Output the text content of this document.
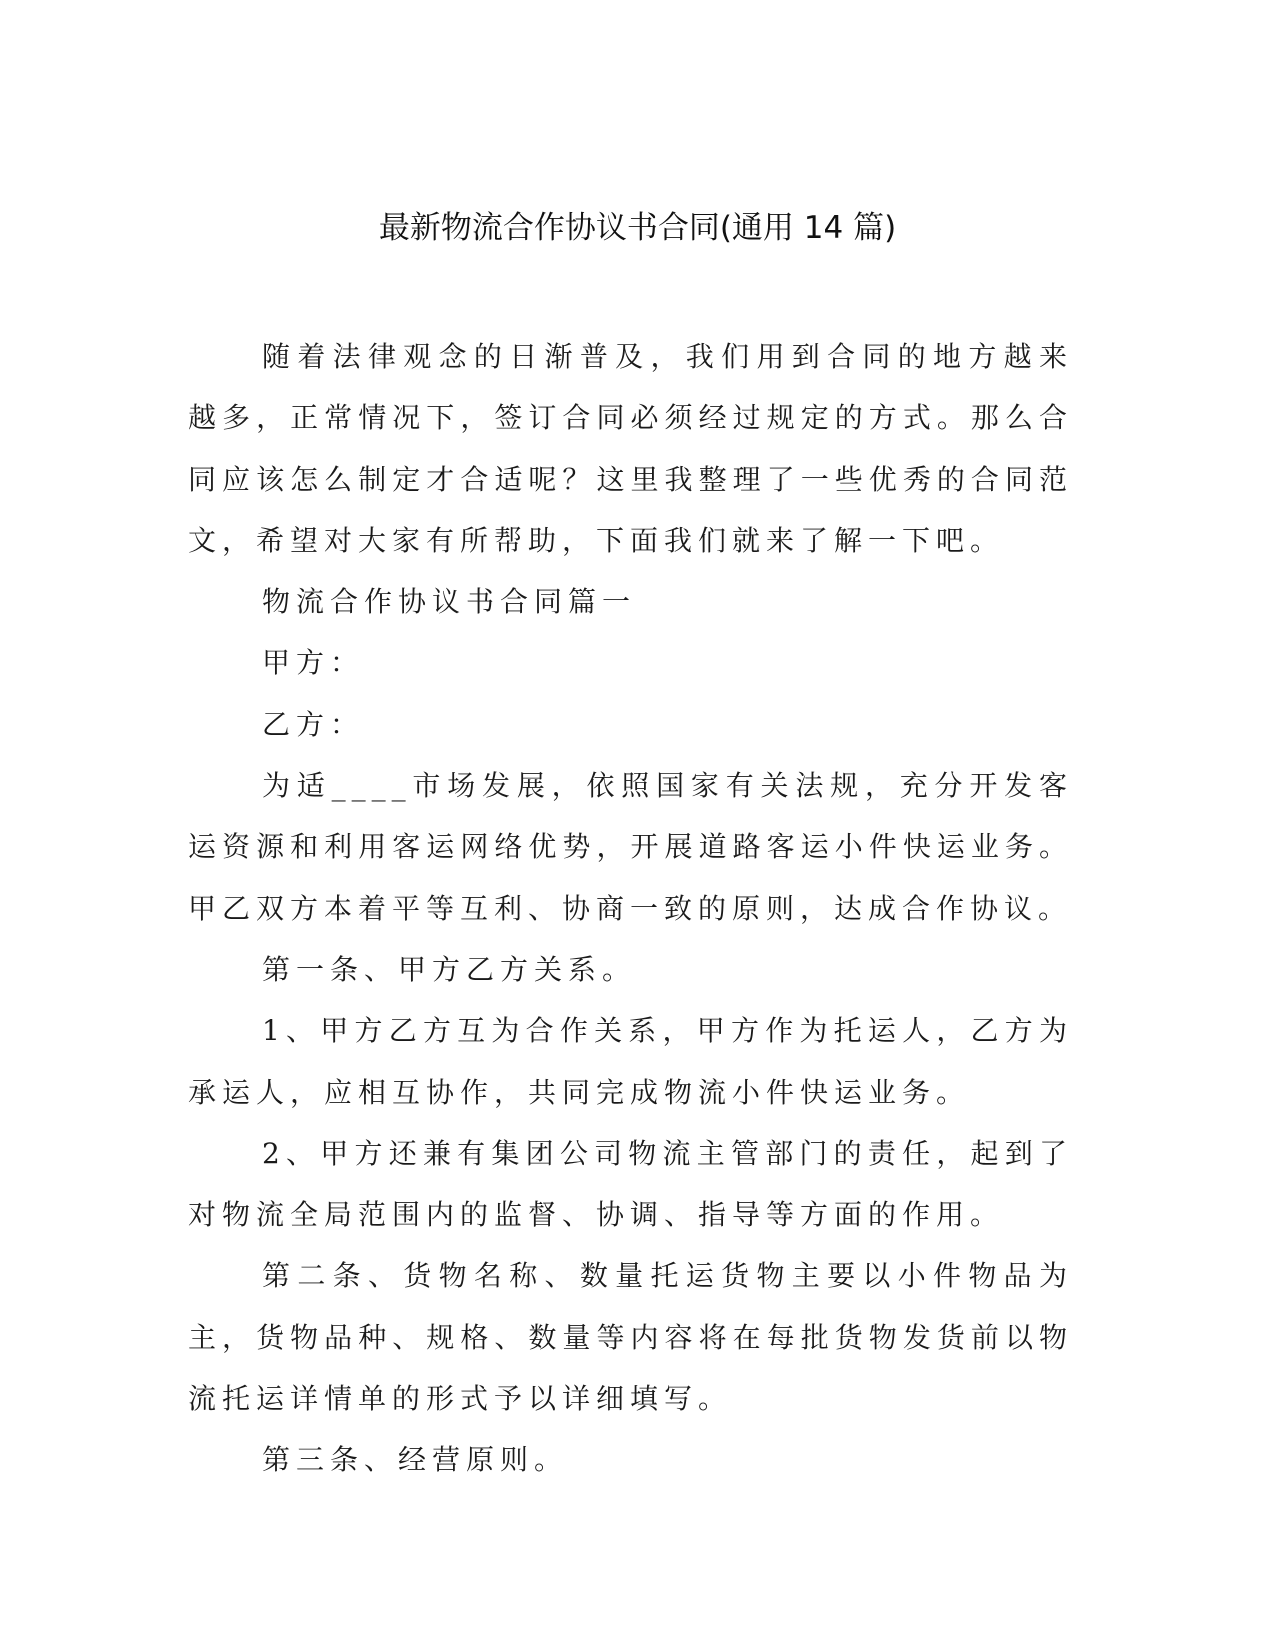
最新物流合作协议书合同(通用 14 篇)

随着法律观念的日渐普及，我们用到合同的地方越来越多，正常情况下，签订合同必须经过规定的方式。那么合同应该怎么制定才合适呢？这里我整理了一些优秀的合同范文，希望对大家有所帮助，下面我们就来了解一下吧。

物流合作协议书合同篇一

甲方：

乙方：

为适____市场发展，依照国家有关法规，充分开发客运资源和利用客运网络优势，开展道路客运小件快运业务。甲乙双方本着平等互利、协商一致的原则，达成合作协议。

第一条、甲方乙方关系。

1、甲方乙方互为合作关系，甲方作为托运人，乙方为承运人，应相互协作，共同完成物流小件快运业务。

2、甲方还兼有集团公司物流主管部门的责任，起到了对物流全局范围内的监督、协调、指导等方面的作用。

第二条、货物名称、数量托运货物主要以小件物品为主，货物品种、规格、数量等内容将在每批货物发货前以物流托运详情单的形式予以详细填写。

第三条、经营原则。
